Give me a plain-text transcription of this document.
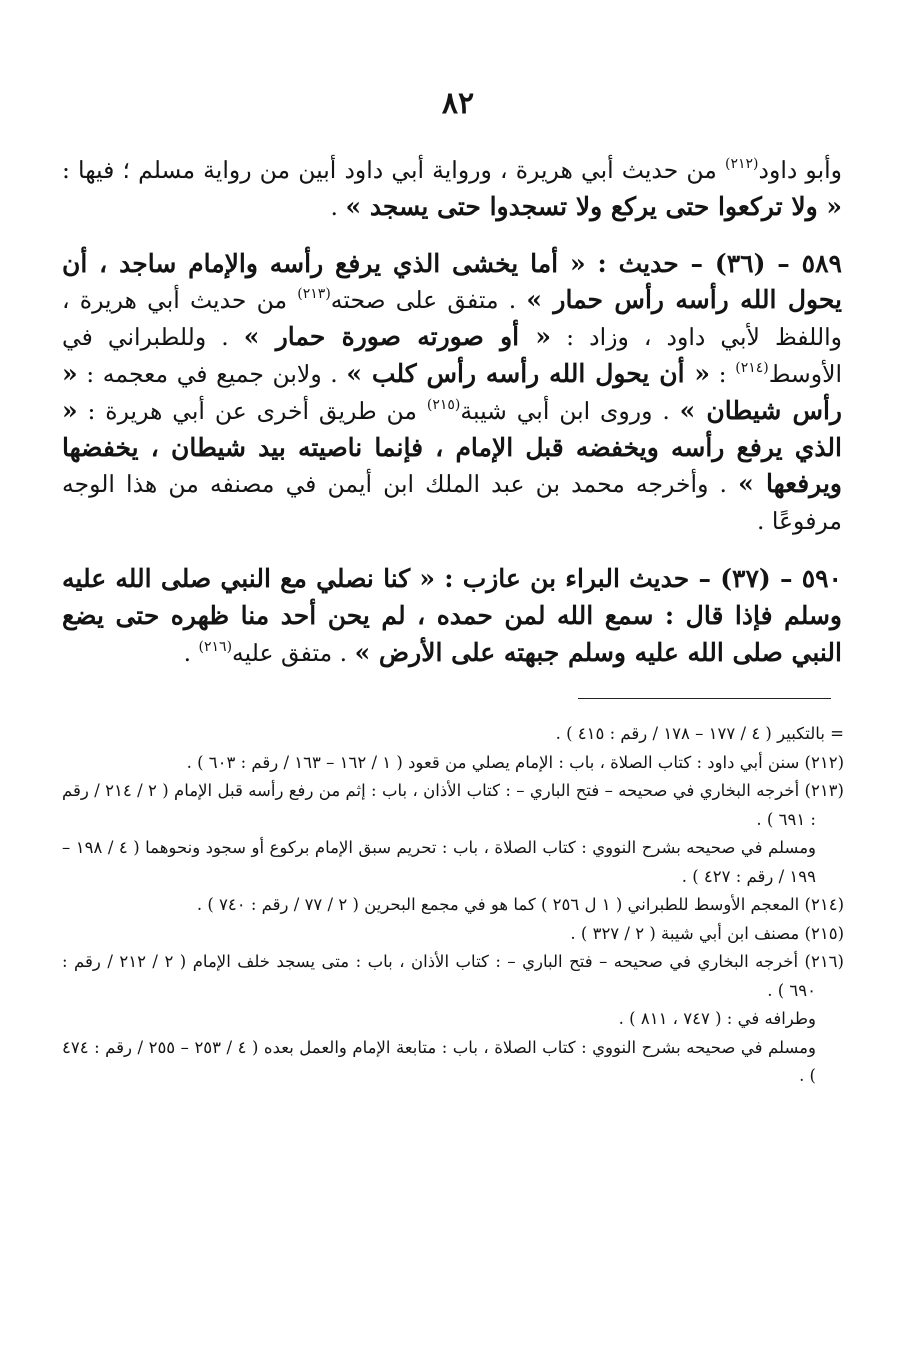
٨٢

وأبو داود$^{(٢١٢)}$ من حديث أبي هريرة ، ورواية أبي داود أبين من رواية مسلم ؛ فيها : « ولا تركعوا حتى يركع ولا تسجدوا حتى يسجد » .

٥٨٩ – (٣٦) – حديث : « أما يخشى الذي يرفع رأسه والإمام ساجد ، أن يحول الله رأسه رأس حمار » . متفق على صحته$^{(٢١٣)}$ من حديث أبي هريرة ، واللفظ لأبي داود ، وزاد : « أو صورته صورة حمار » . وللطبراني في الأوسط$^{(٢١٤)}$ : « أن يحول الله رأسه رأس كلب » . ولابن جميع في معجمه : « رأس شيطان » . وروى ابن أبي شيبة$^{(٢١٥)}$ من طريق أخرى عن أبي هريرة : « الذي يرفع رأسه ويخفضه قبل الإمام ، فإنما ناصيته بيد شيطان ، يخفضها ويرفعها » . وأخرجه محمد بن عبد الملك ابن أيمن في مصنفه من هذا الوجه مرفوعًا .

٥٩٠ – (٣٧) – حديث البراء بن عازب : « كنا نصلي مع النبي صلى الله عليه وسلم فإذا قال : سمع الله لمن حمده ، لم يحن أحد منا ظهره حتى يضع النبي صلى الله عليه وسلم جبهته على الأرض » . متفق عليه$^{(٢١٦)}$ .

= بالتكبير ( ٤ / ١٧٧ – ١٧٨ / رقم : ٤١٥ ) .

(٢١٢) سنن أبي داود : كتاب الصلاة ، باب : الإمام يصلي من قعود ( ١ / ١٦٢ – ١٦٣ / رقم : ٦٠٣ ) .

(٢١٣) أخرجه البخاري في صحيحه – فتح الباري – : كتاب الأذان ، باب : إثم من رفع رأسه قبل الإمام ( ٢ / ٢١٤ / رقم : ٦٩١ ) .

ومسلم في صحيحه بشرح النووي : كتاب الصلاة ، باب : تحريم سبق الإمام بركوع أو سجود ونحوهما ( ٤ / ١٩٨ – ١٩٩ / رقم : ٤٢٧ ) .

(٢١٤) المعجم الأوسط للطبراني ( ١ ل ٢٥٦ ) كما هو في مجمع البحرين ( ٢ / ٧٧ / رقم : ٧٤٠ ) .

(٢١٥) مصنف ابن أبي شيبة ( ٢ / ٣٢٧ ) .

(٢١٦) أخرجه البخاري في صحيحه – فتح الباري – : كتاب الأذان ، باب : متى يسجد خلف الإمام ( ٢ / ٢١٢ / رقم : ٦٩٠ ) .

وطرافه في : ( ٧٤٧ ، ٨١١ ) .

ومسلم في صحيحه بشرح النووي : كتاب الصلاة ، باب : متابعة الإمام والعمل بعده ( ٤ / ٢٥٣ – ٢٥٥ / رقم : ٤٧٤ ) .
